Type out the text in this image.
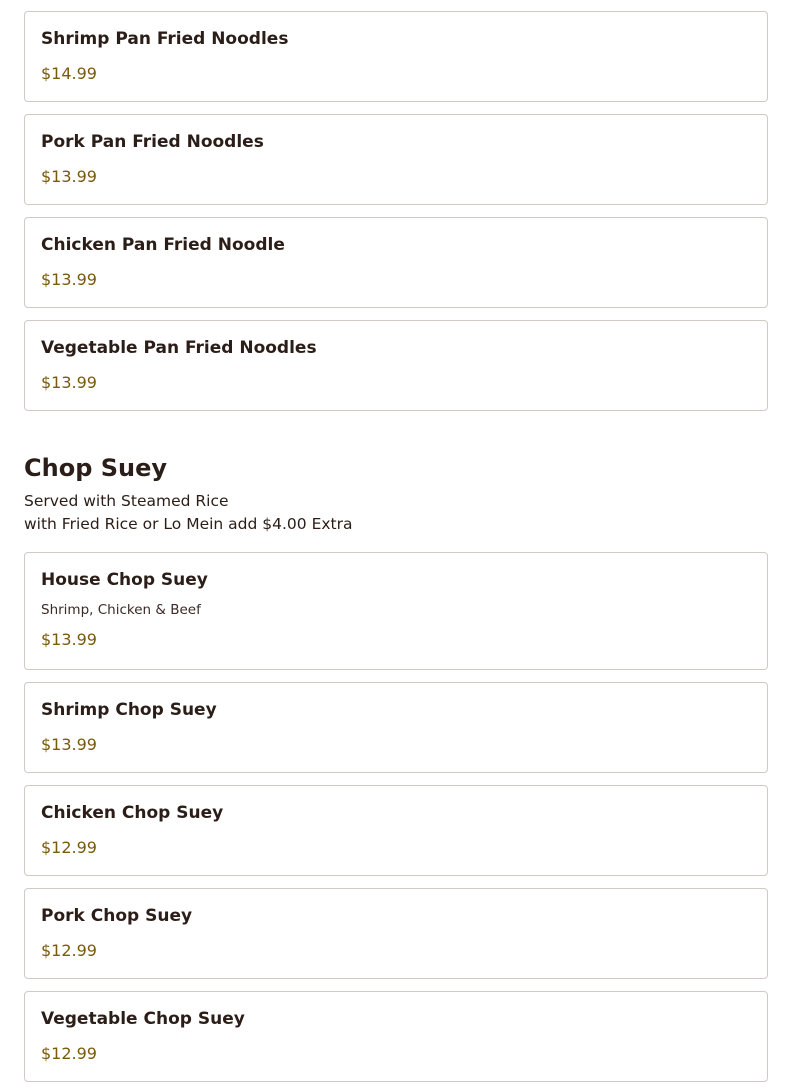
Shrimp Pan Fried Noodles
$14.99
Pork Pan Fried Noodles
$13.99
Chicken Pan Fried Noodle
$13.99
Vegetable Pan Fried Noodles
$13.99
Chop Suey
Served with Steamed Rice
with Fried Rice or Lo Mein add $4.00 Extra
House Chop Suey
Shrimp, Chicken & Beef
$13.99
Shrimp Chop Suey
$13.99
Chicken Chop Suey
$12.99
Pork Chop Suey
$12.99
Vegetable Chop Suey
$12.99
